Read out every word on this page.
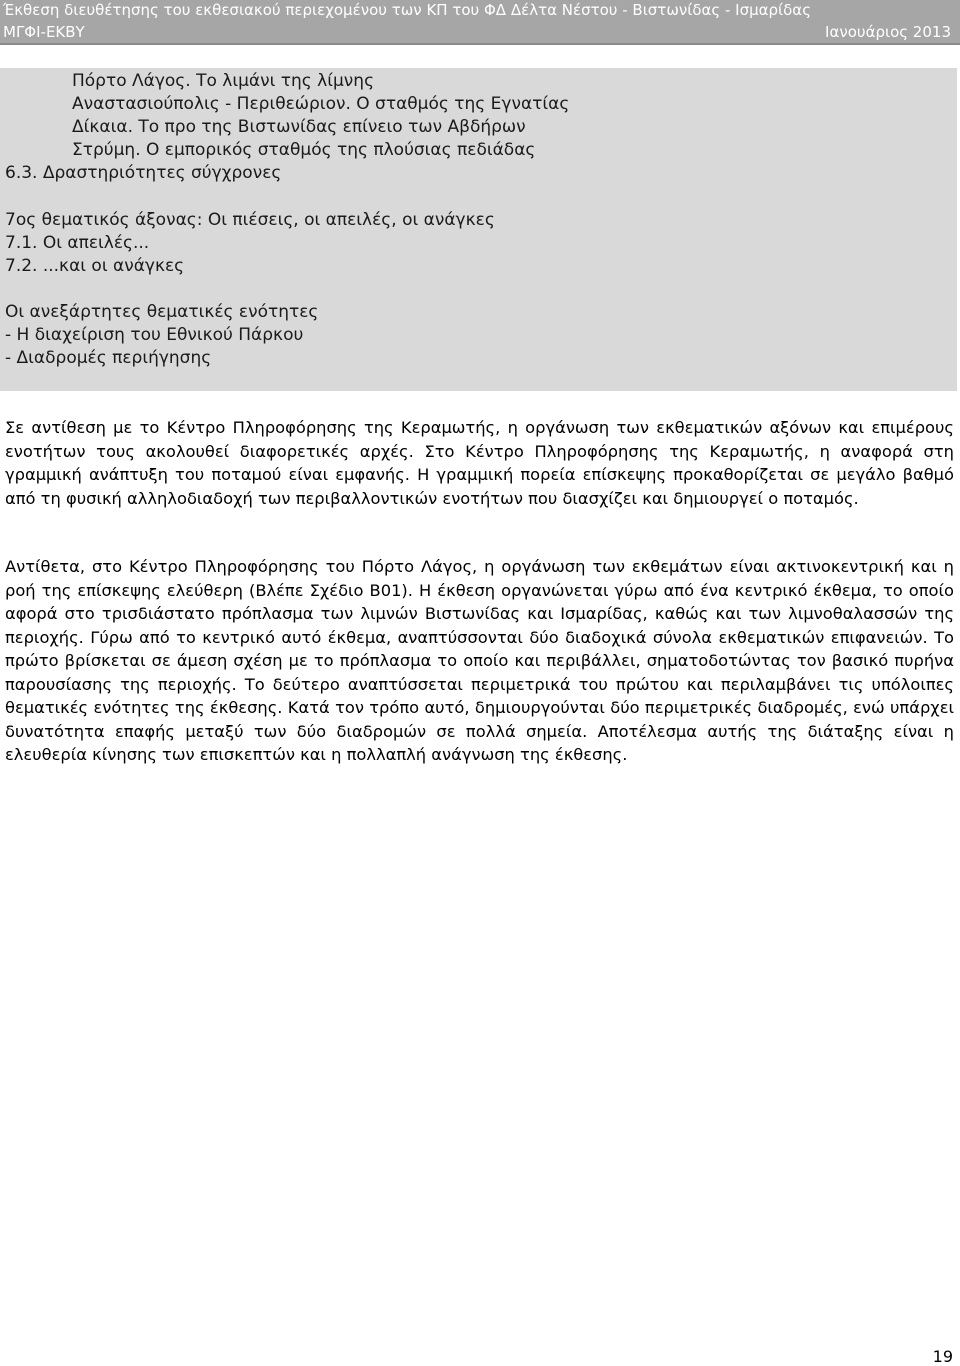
Έκθεση διευθέτησης του εκθεσιακού περιεχομένου των ΚΠ του ΦΔ Δέλτα Νέστου - Βιστωνίδας - Ισμαρίδας
ΜΓΦΙ-ΕΚΒΥ	Ιανουάριος 2013
Πόρτο Λάγος. Το λιμάνι της λίμνης
Αναστασιούπολις - Περιθεώριον. Ο σταθμός της Εγνατίας
Δίκαια. Το προ της Βιστωνίδας επίνειο των Αβδήρων
Στρύμη. Ο εμπορικός σταθμός της πλούσιας πεδιάδας
6.3. Δραστηριότητες σύγχρονες
7ος θεματικός άξονας: Οι πιέσεις, οι απειλές, οι ανάγκες
7.1. Οι απειλές...
7.2. ...και οι ανάγκες
Οι ανεξάρτητες θεματικές ενότητες
- Η διαχείριση του Εθνικού Πάρκου
- Διαδρομές περιήγησης
Σε αντίθεση με το Κέντρο Πληροφόρησης της Κεραμωτής, η οργάνωση των εκθεματικών αξόνων και επιμέρους ενοτήτων τους ακολουθεί διαφορετικές αρχές. Στο Κέντρο Πληροφόρησης της Κεραμωτής, η αναφορά στη γραμμική ανάπτυξη του ποταμού είναι εμφανής. Η γραμμική πορεία επίσκεψης προκαθορίζεται σε μεγάλο βαθμό από τη φυσική αλληλοδιαδοχή των περιβαλλοντικών ενοτήτων που διασχίζει και δημιουργεί ο ποταμός.
Αντίθετα, στο Κέντρο Πληροφόρησης του Πόρτο Λάγος, η οργάνωση των εκθεμάτων είναι ακτινοκεντρική και η ροή της επίσκεψης ελεύθερη (Βλέπε Σχέδιο Β01). Η έκθεση οργανώνεται γύρω από ένα κεντρικό έκθεμα, το οποίο αφορά στο τρισδιάστατο πρόπλασμα των λιμνών Βιστωνίδας και Ισμαρίδας, καθώς και των λιμνοθαλασσών της περιοχής. Γύρω από το κεντρικό αυτό έκθεμα, αναπτύσσονται δύο διαδοχικά σύνολα εκθεματικών επιφανειών. Το πρώτο βρίσκεται σε άμεση σχέση με το πρόπλασμα το οποίο και περιβάλλει, σηματοδοτώντας τον βασικό πυρήνα παρουσίασης της περιοχής. Το δεύτερο αναπτύσσεται περιμετρικά του πρώτου και περιλαμβάνει τις υπόλοιπες θεματικές ενότητες της έκθεσης. Κατά τον τρόπο αυτό, δημιουργούνται δύο περιμετρικές διαδρομές, ενώ υπάρχει δυνατότητα επαφής μεταξύ των δύο διαδρομών σε πολλά σημεία. Αποτέλεσμα αυτής της διάταξης είναι η ελευθερία κίνησης των επισκεπτών και η πολλαπλή ανάγνωση της έκθεσης.
19
